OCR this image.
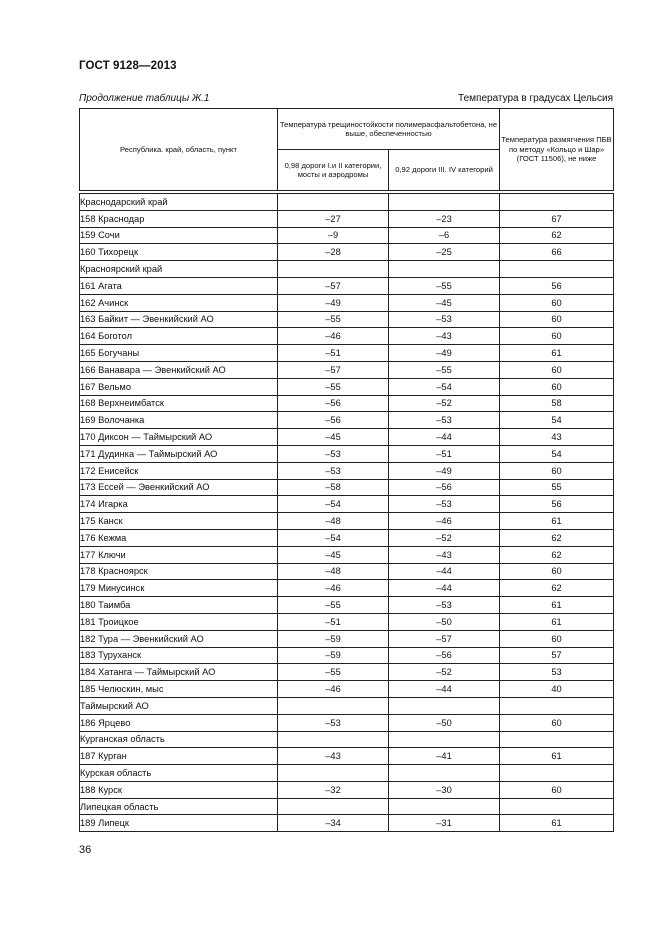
ГОСТ 9128—2013
Продолжение таблицы Ж.1	Температура в градусах Цельсия
Республика. край, область, пункт	Температура трещиностойкости полимерасфальтобетона, не выше, обеспеченностью		Температура размягчения ПБВ по методу «Кольцо и Шар» (ГОСТ 11506), не ниже
	0,98 дороги I.и II категории, мосты и аэродромы	0,92 дороги III. IV категорий	

Краснодарский край			
158 Краснодар	–27	–23	67
159 Сочи	–9	–6	62
160 Тихорецк	–28	–25	66
Красноярский край			
161 Агата	–57	–55	56
162 Ачинск	–49	–45	60
163 Байкит — Эвенкийский АО	–55	–53	60
164 Боготол	–46	–43	60
165 Богучаны	–51	–49	61
166 Ванавара — Эвенкийский АО	–57	–55	60
167 Вельмо	–55	–54	60
168 Верхнеимбатск	–56	–52	58
169 Волочанка	–56	–53	54
170 Диксон — Таймырский АО	–45	–44	43
171 Дудинка — Таймырский АО	–53	–51	54
172 Енисейск	–53	–49	60
173 Ессей — Эвенкийский АО	–58	–56	55
174 Игарка	–54	–53	56
175 Канск	–48	–46	61
176 Кежма	–54	–52	62
177 Ключи	–45	–43	62
178 Красноярск	–48	–44	60
179 Минусинск	–46	–44	62
180 Таимба	–55	–53	61
181 Троицкое	–51	–50	61
182 Тура — Эвенкийский АО	–59	–57	60
183 Туруханск	–59	–56	57
184 Хатанга — Таймырский АО	–55	–52	53
185 Челюскин, мыс	–46	–44	40
Таймырский АО			
186 Ярцево	–53	–50	60
Курганская область			
187 Курган	–43	–41	61
Курская область			
188 Курск	–32	–30	60
Липецкая область			
189 Липецк	–34	–31	61
36
